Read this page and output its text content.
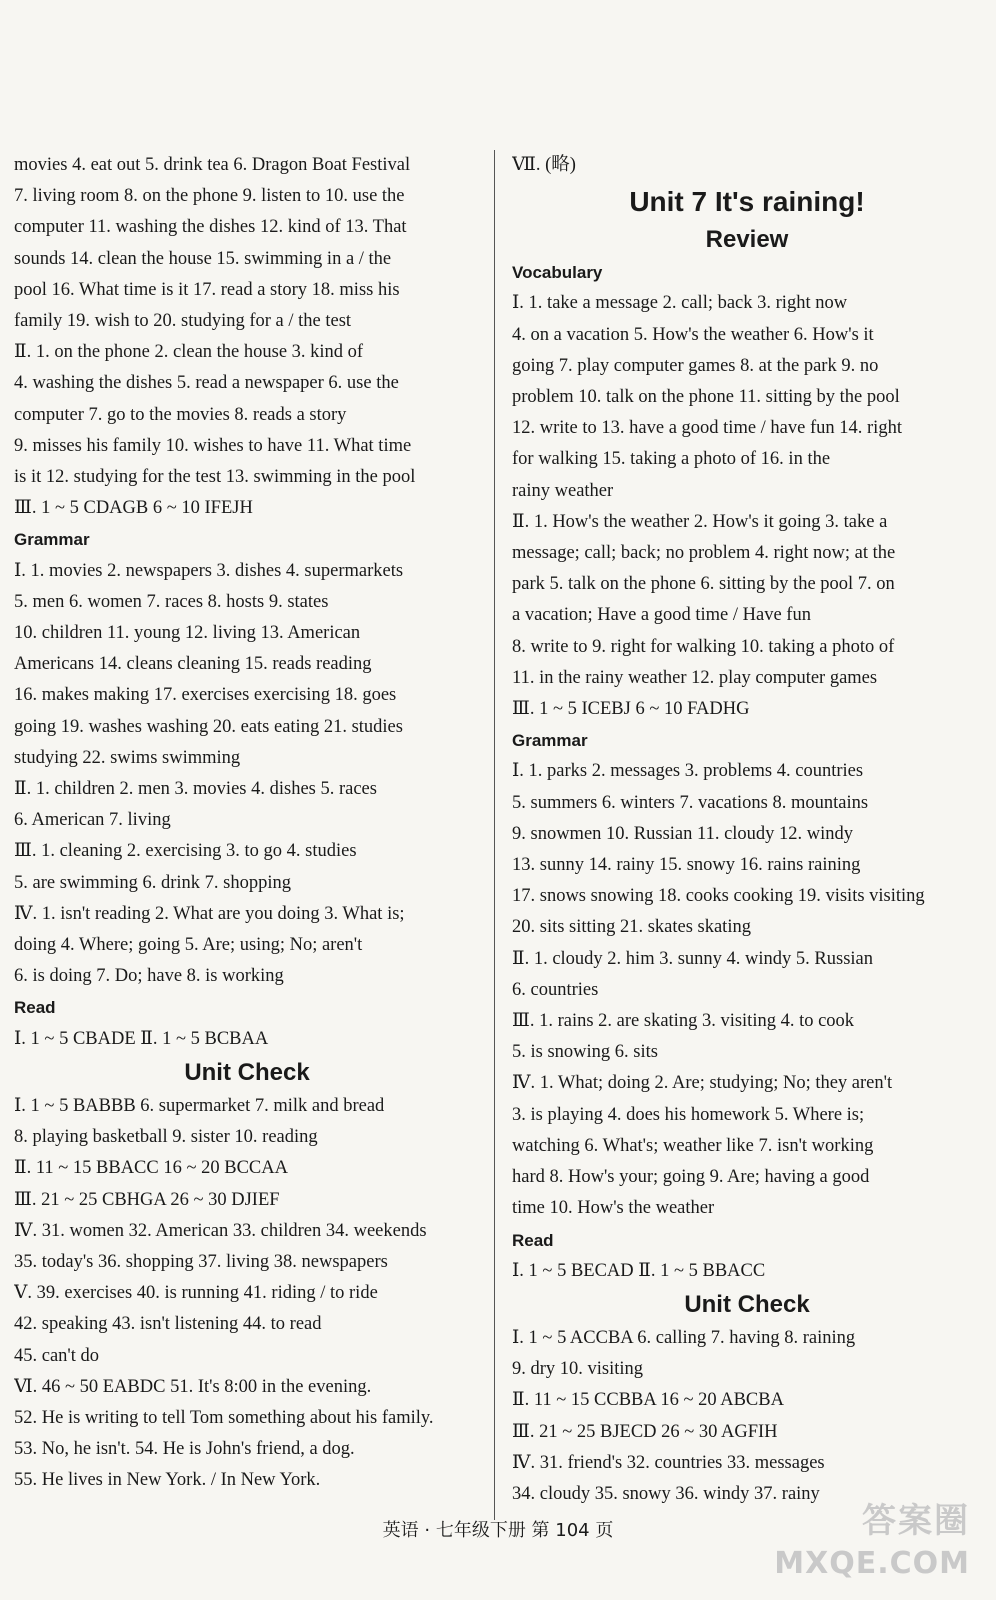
movies 4. eat out 5. drink tea 6. Dragon Boat Festival
7. living room 8. on the phone 9. listen to 10. use the
computer 11. washing the dishes 12. kind of 13. That
sounds 14. clean the house 15. swimming in a / the
pool 16. What time is it 17. read a story 18. miss his
family 19. wish to 20. studying for a / the test
Ⅱ. 1. on the phone 2. clean the house 3. kind of
4. washing the dishes 5. read a newspaper 6. use the
computer 7. go to the movies 8. reads a story
9. misses his family 10. wishes to have 11. What time
is it 12. studying for the test 13. swimming in the pool
Ⅲ. 1 ~ 5 CDAGB 6 ~ 10 IFEJH
Grammar
Ⅰ. 1. movies 2. newspapers 3. dishes 4. supermarkets
5. men 6. women 7. races 8. hosts 9. states
10. children 11. young 12. living 13. American
Americans 14. cleans cleaning 15. reads reading
16. makes making 17. exercises exercising 18. goes
going 19. washes washing 20. eats eating 21. studies
studying 22. swims swimming
Ⅱ. 1. children 2. men 3. movies 4. dishes 5. races
6. American 7. living
Ⅲ. 1. cleaning 2. exercising 3. to go 4. studies
5. are swimming 6. drink 7. shopping
Ⅳ. 1. isn't reading 2. What are you doing 3. What is;
doing 4. Where; going 5. Are; using; No; aren't
6. is doing 7. Do; have 8. is working
Read
Ⅰ. 1 ~ 5 CBADE Ⅱ. 1 ~ 5 BCBAA
Unit Check
Ⅰ. 1 ~ 5 BABBB 6. supermarket 7. milk and bread
8. playing basketball 9. sister 10. reading
Ⅱ. 11 ~ 15 BBACC 16 ~ 20 BCCAA
Ⅲ. 21 ~ 25 CBHGA 26 ~ 30 DJIEF
Ⅳ. 31. women 32. American 33. children 34. weekends
35. today's 36. shopping 37. living 38. newspapers
Ⅴ. 39. exercises 40. is running 41. riding / to ride
42. speaking 43. isn't listening 44. to read
45. can't do
Ⅵ. 46 ~ 50 EABDC 51. It's 8:00 in the evening.
52. He is writing to tell Tom something about his family.
53. No, he isn't. 54. He is John's friend, a dog.
55. He lives in New York. / In New York.
Ⅶ. (略)
Unit 7 It's raining!
Review
Vocabulary
Ⅰ. 1. take a message 2. call; back 3. right now
4. on a vacation 5. How's the weather 6. How's it
going 7. play computer games 8. at the park 9. no
problem 10. talk on the phone 11. sitting by the pool
12. write to 13. have a good time / have fun 14. right
for walking 15. taking a photo of 16. in the
rainy weather
Ⅱ. 1. How's the weather 2. How's it going 3. take a
message; call; back; no problem 4. right now; at the
park 5. talk on the phone 6. sitting by the pool 7. on
a vacation; Have a good time / Have fun
8. write to 9. right for walking 10. taking a photo of
11. in the rainy weather 12. play computer games
Ⅲ. 1 ~ 5 ICEBJ 6 ~ 10 FADHG
Grammar
Ⅰ. 1. parks 2. messages 3. problems 4. countries
5. summers 6. winters 7. vacations 8. mountains
9. snowmen 10. Russian 11. cloudy 12. windy
13. sunny 14. rainy 15. snowy 16. rains raining
17. snows snowing 18. cooks cooking 19. visits visiting
20. sits sitting 21. skates skating
Ⅱ. 1. cloudy 2. him 3. sunny 4. windy 5. Russian
6. countries
Ⅲ. 1. rains 2. are skating 3. visiting 4. to cook
5. is snowing 6. sits
Ⅳ. 1. What; doing 2. Are; studying; No; they aren't
3. is playing 4. does his homework 5. Where is;
watching 6. What's; weather like 7. isn't working
hard 8. How's your; going 9. Are; having a good
time 10. How's the weather
Read
Ⅰ. 1 ~ 5 BECAD Ⅱ. 1 ~ 5 BBACC
Unit Check
Ⅰ. 1 ~ 5 ACCBA 6. calling 7. having 8. raining
9. dry 10. visiting
Ⅱ. 11 ~ 15 CCBBA 16 ~ 20 ABCBA
Ⅲ. 21 ~ 25 BJECD 26 ~ 30 AGFIH
Ⅳ. 31. friend's 32. countries 33. messages
34. cloudy 35. snowy 36. windy 37. rainy
英语 · 七年级下册 第 104 页	答案圈
MXQE.COM
